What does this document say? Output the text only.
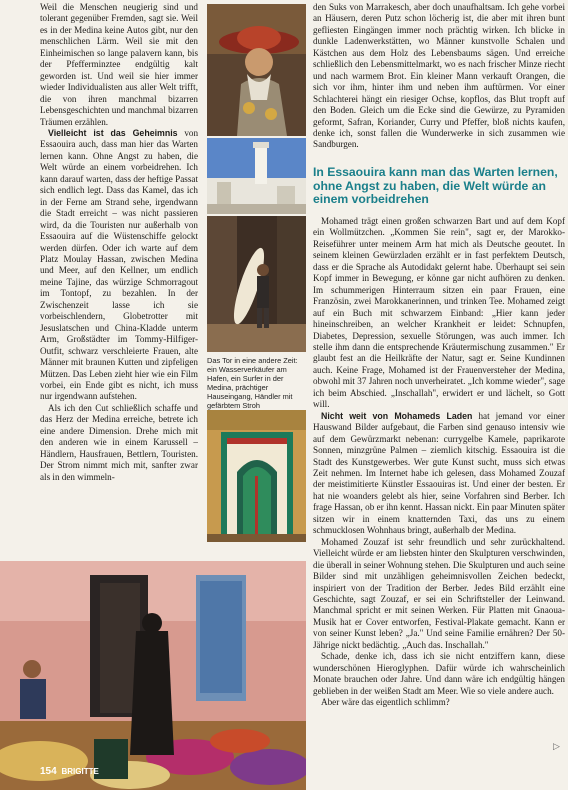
Weil die Menschen neugierig sind und tolerant gegenüber Fremden, sagt sie. Weil es in der Medina keine Autos gibt, nur den menschlichen Lärm. Weil sie mit den Einheimischen so lange palavern kann, bis der Pfefferminztee endgültig kalt geworden ist. Und weil sie hier immer wieder Individualisten aus aller Welt trifft, die von ihren manchmal bizarren Lebensgeschichten und manchmal bizarren Träumen erzählen.

Vielleicht ist das Geheimnis von Essaouira auch, dass man hier das Warten lernen kann. Ohne Angst zu haben, die Welt würde an einem vorbeidrehen. Ich kann darauf warten, dass der heftige Passat sich endlich legt. Dass das Kamel, das ich in der Ferne am Strand sehe, irgendwann die Stadt erreicht – was nicht passieren wird, da die Touristen nur außerhalb von Essaouira auf die Wüstenschiffe gelockt werden dürfen. Oder ich warte auf dem Platz Moulay Hassan, zwischen Medina und Meer, auf den Kellner, um endlich meine Tajine, das würzige Schmorragout im Tontopf, zu bezahlen. In der Zwischenzeit lasse ich sie vorbeischlendern, Globetrotter mit Jesuslatschen und China-Kladde unterm Arm, Großstädter im Tommy-Hilfiger-Outfit, schwarz verschleierte Frauen, alte Männer mit braunen Kutten und zipfeligen Mützen. Das Leben zieht hier wie ein Film vorbei, ein Ende gibt es nicht, ich muss nur irgendwann aufstehen.

Als ich den Cut schließlich schaffe und das Herz der Medina erreiche, betrete ich eine andere Dimension. Drehe mich mit den anderen wie in einem Karussell – Händlern, Hausfrauen, Bettlern, Touristen. Der Strom nimmt mich mit, sanfter zwar als in den wimmeln-

Das Tor in eine andere Zeit: ein Wasserverkäufer am Hafen, ein Surfer in der Medina, prächtiger Hauseingang, Händler mit gefärbtem Stroh
154 BRIGITTE

den Suks von Marrakesch, aber doch unaufhaltsam. Ich gehe vorbei an Häusern, deren Putz schon löcherig ist, die aber mit ihren bunt gefliesten Eingängen immer noch prächtig wirken. Ich blicke in dunkle Ladenwerkstätten, wo Männer kunstvolle Schalen und Kästchen aus dem Holz des Lebensbaums sägen. Und erreiche schließlich den Lebensmittelmarkt, wo es nach frischer Minze riecht und nach warmem Brot. Ein kleiner Mann verkauft Orangen, die sich vor ihm, hinter ihm und neben ihm auftürmen. Vor einer Schlachterei hängt ein riesiger Ochse, kopflos, das Blut tropft auf den Boden. Gleich um die Ecke sind die Gewürze, zu Pyramiden geformt, Safran, Koriander, Curry und Pfeffer, bloß nichts kaufen, denke ich, sonst fallen die Wunderwerke in sich zusammen wie Sandburgen.

In Essaouira kann man das Warten lernen, ohne Angst zu haben, die Welt würde an einem vorbeidrehen

Mohamed trägt einen großen schwarzen Bart und auf dem Kopf ein Wollmützchen. „Kommen Sie rein", sagt er, der Marokko-Reiseführer unter meinem Arm hat mich als Deutsche geoutet. In seinem kleinen Gewürzladen erzählt er in fast perfektem Deutsch, dass er die Sprache als Autodidakt gelernt habe. Überhaupt sei sein Kopf immer in Bewegung, er könne gar nicht aufhören zu denken. Im schummerigen Hinterraum sitzen ein paar Frauen, eine Französin, zwei Marokkanerinnen, und trinken Tee. Mohamed zeigt auf ein Buch mit schwarzem Einband: „Hier kann jeder hineinschreiben, an welcher Krankheit er leidet: Schnupfen, Diabetes, Depression, sexuelle Störungen, was auch immer. Ich stelle ihm dann die entsprechende Kräutermischung zusammen." Er glaubt fest an die Heilkräfte der Natur, sagt er. Seine Kundinnen auch. Keine Frage, Mohamed ist der Frauenversteher der Medina, obwohl mit 37 Jahren noch unverheiratet. „Ich komme wieder", sage ich beim Abschied. „Inschallah", erwidert er und lächelt, so Gott will.

Nicht weit von Mohameds Laden hat jemand vor einer Hauswand Bilder aufgebaut, die Farben sind genauso intensiv wie auf dem Gewürzmarkt nebenan: currygelbe Kamele, paprikarote Sonnen, minzgrüne Palmen – ziemlich kitschig. Essaouira ist die Stadt des Kunstgewerbes. Wer gute Kunst sucht, muss sich etwas Zeit nehmen. Im Internet habe ich gelesen, dass Mohamed Zouzaf der meistimitierte Künstler Essaouiras ist. Und einer der besten. Er hat nie woanders gelebt als hier, seine Vorfahren sind Berber. Ich frage Hassan, ob er ihn kennt. Hassan nickt. Ein paar Minuten später sitzen wir in einem knatternden Taxi, das uns zu einem schmucklosen Wohnhaus bringt, außerhalb der Medina.

Mohamed Zouzaf ist sehr freundlich und sehr zurückhaltend. Vielleicht würde er am liebsten hinter den Skulpturen verschwinden, die überall in seiner Wohnung stehen. Die Skulpturen und auch seine Bilder sind mit unzähligen geheimnisvollen Zeichen bedeckt, inspiriert von der Tradition der Berber. Jedes Bild erzählt eine Geschichte, sagt Zouzaf, er sei ein Schriftsteller der Leinwand. Manchmal spricht er mit seinen Werken. Für Platten mit Gnaoua-Musik hat er Cover entworfen, Festival-Plakate gemacht. Kann er von seiner Kunst leben? „Ja." Und seine Familie ernähren? Der 50-Jährige nickt bedächtig. „Auch das. Inschallah."

Schade, denke ich, dass ich sie nicht entziffern kann, diese wunderschönen Hieroglyphen. Dafür würde ich wahrscheinlich Monate brauchen oder Jahre. Und dann wäre ich endgültig hängen geblieben in der weißen Stadt am Meer. Wie so viele andere auch.

Aber wäre das eigentlich schlimm?

▷
